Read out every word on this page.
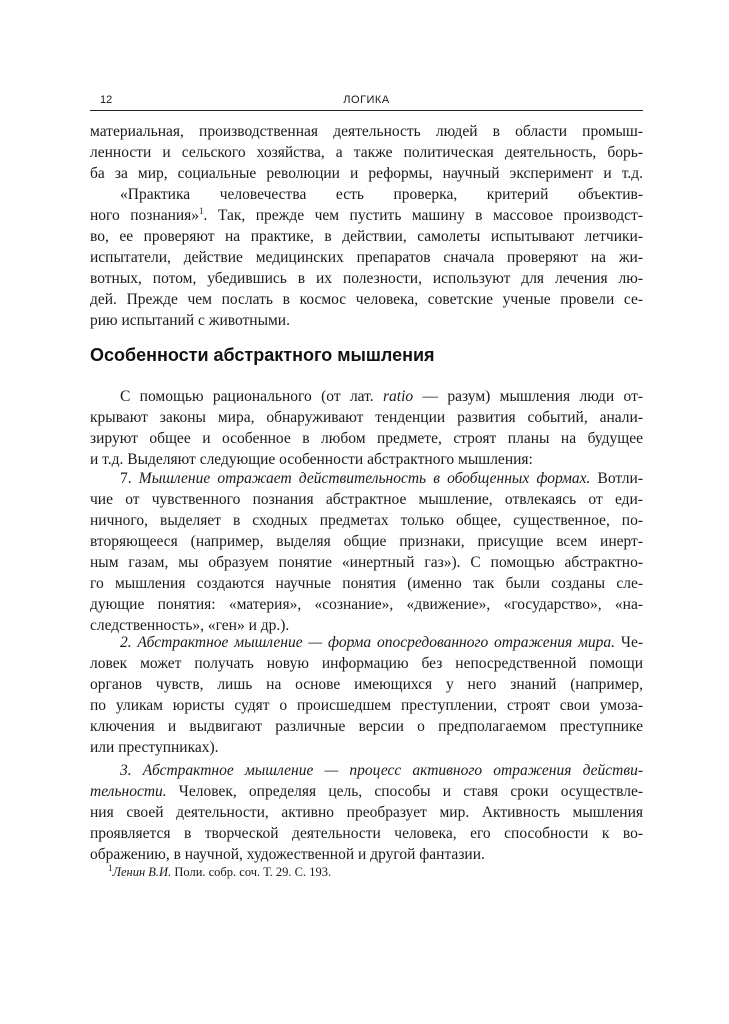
12	ЛОГИКА
материальная, производственная деятельность людей в области промыш-
ленности и сельского хозяйства, а также политическая деятельность, борь-
ба за мир, социальные революции и реформы, научный эксперимент и т.д.
«Практика человечества есть проверка, критерий объектив-
ного познания»$^1$. Так, прежде чем пустить машину в массовое производст-
во, ее проверяют на практике, в действии, самолеты испытывают летчики-
испытатели, действие медицинских препаратов сначала проверяют на жи-
вотных, потом, убедившись в их полезности, используют для лечения лю-
дей. Прежде чем послать в космос человека, советские ученые провели се-
рию испытаний с животными.
Особенности абстрактного мышления
С помощью рационального (от лат. ratio — разум) мышления люди от-
крывают законы мира, обнаруживают тенденции развития событий, анали-
зируют общее и особенное в любом предмете, строят планы на будущее
и т.д. Выделяют следующие особенности абстрактного мышления:
7. Мышление отражает действительность в обобщенных формах. Вотли-
чие от чувственного познания абстрактное мышление, отвлекаясь от еди-
ничного, выделяет в сходных предметах только общее, существенное, по-
вторяющееся (например, выделяя общие признаки, присущие всем инерт-
ным газам, мы образуем понятие «инертный газ»). С помощью абстрактно-
го мышления создаются научные понятия (именно так были созданы сле-
дующие понятия: «материя», «сознание», «движение», «государство», «на-
следственность», «ген» и др.).
2. Абстрактное мышление — форма опосредованного отражения мира. Че-
ловек может получать новую информацию без непосредственной помощи
органов чувств, лишь на основе имеющихся у него знаний (например,
по уликам юристы судят о происшедшем преступлении, строят свои умоза-
ключения и выдвигают различные версии о предполагаемом преступнике
или преступниках).
3. Абстрактное мышление — процесс активного отражения действи-
тельности. Человек, определяя цель, способы и ставя сроки осуществле-
ния своей деятельности, активно преобразует мир. Активность мышления
проявляется в творческой деятельности человека, его способности к во-
ображению, в научной, художественной и другой фантазии.
$^1$Ленин В.И. Поли. собр. соч. Т. 29. С. 193.
